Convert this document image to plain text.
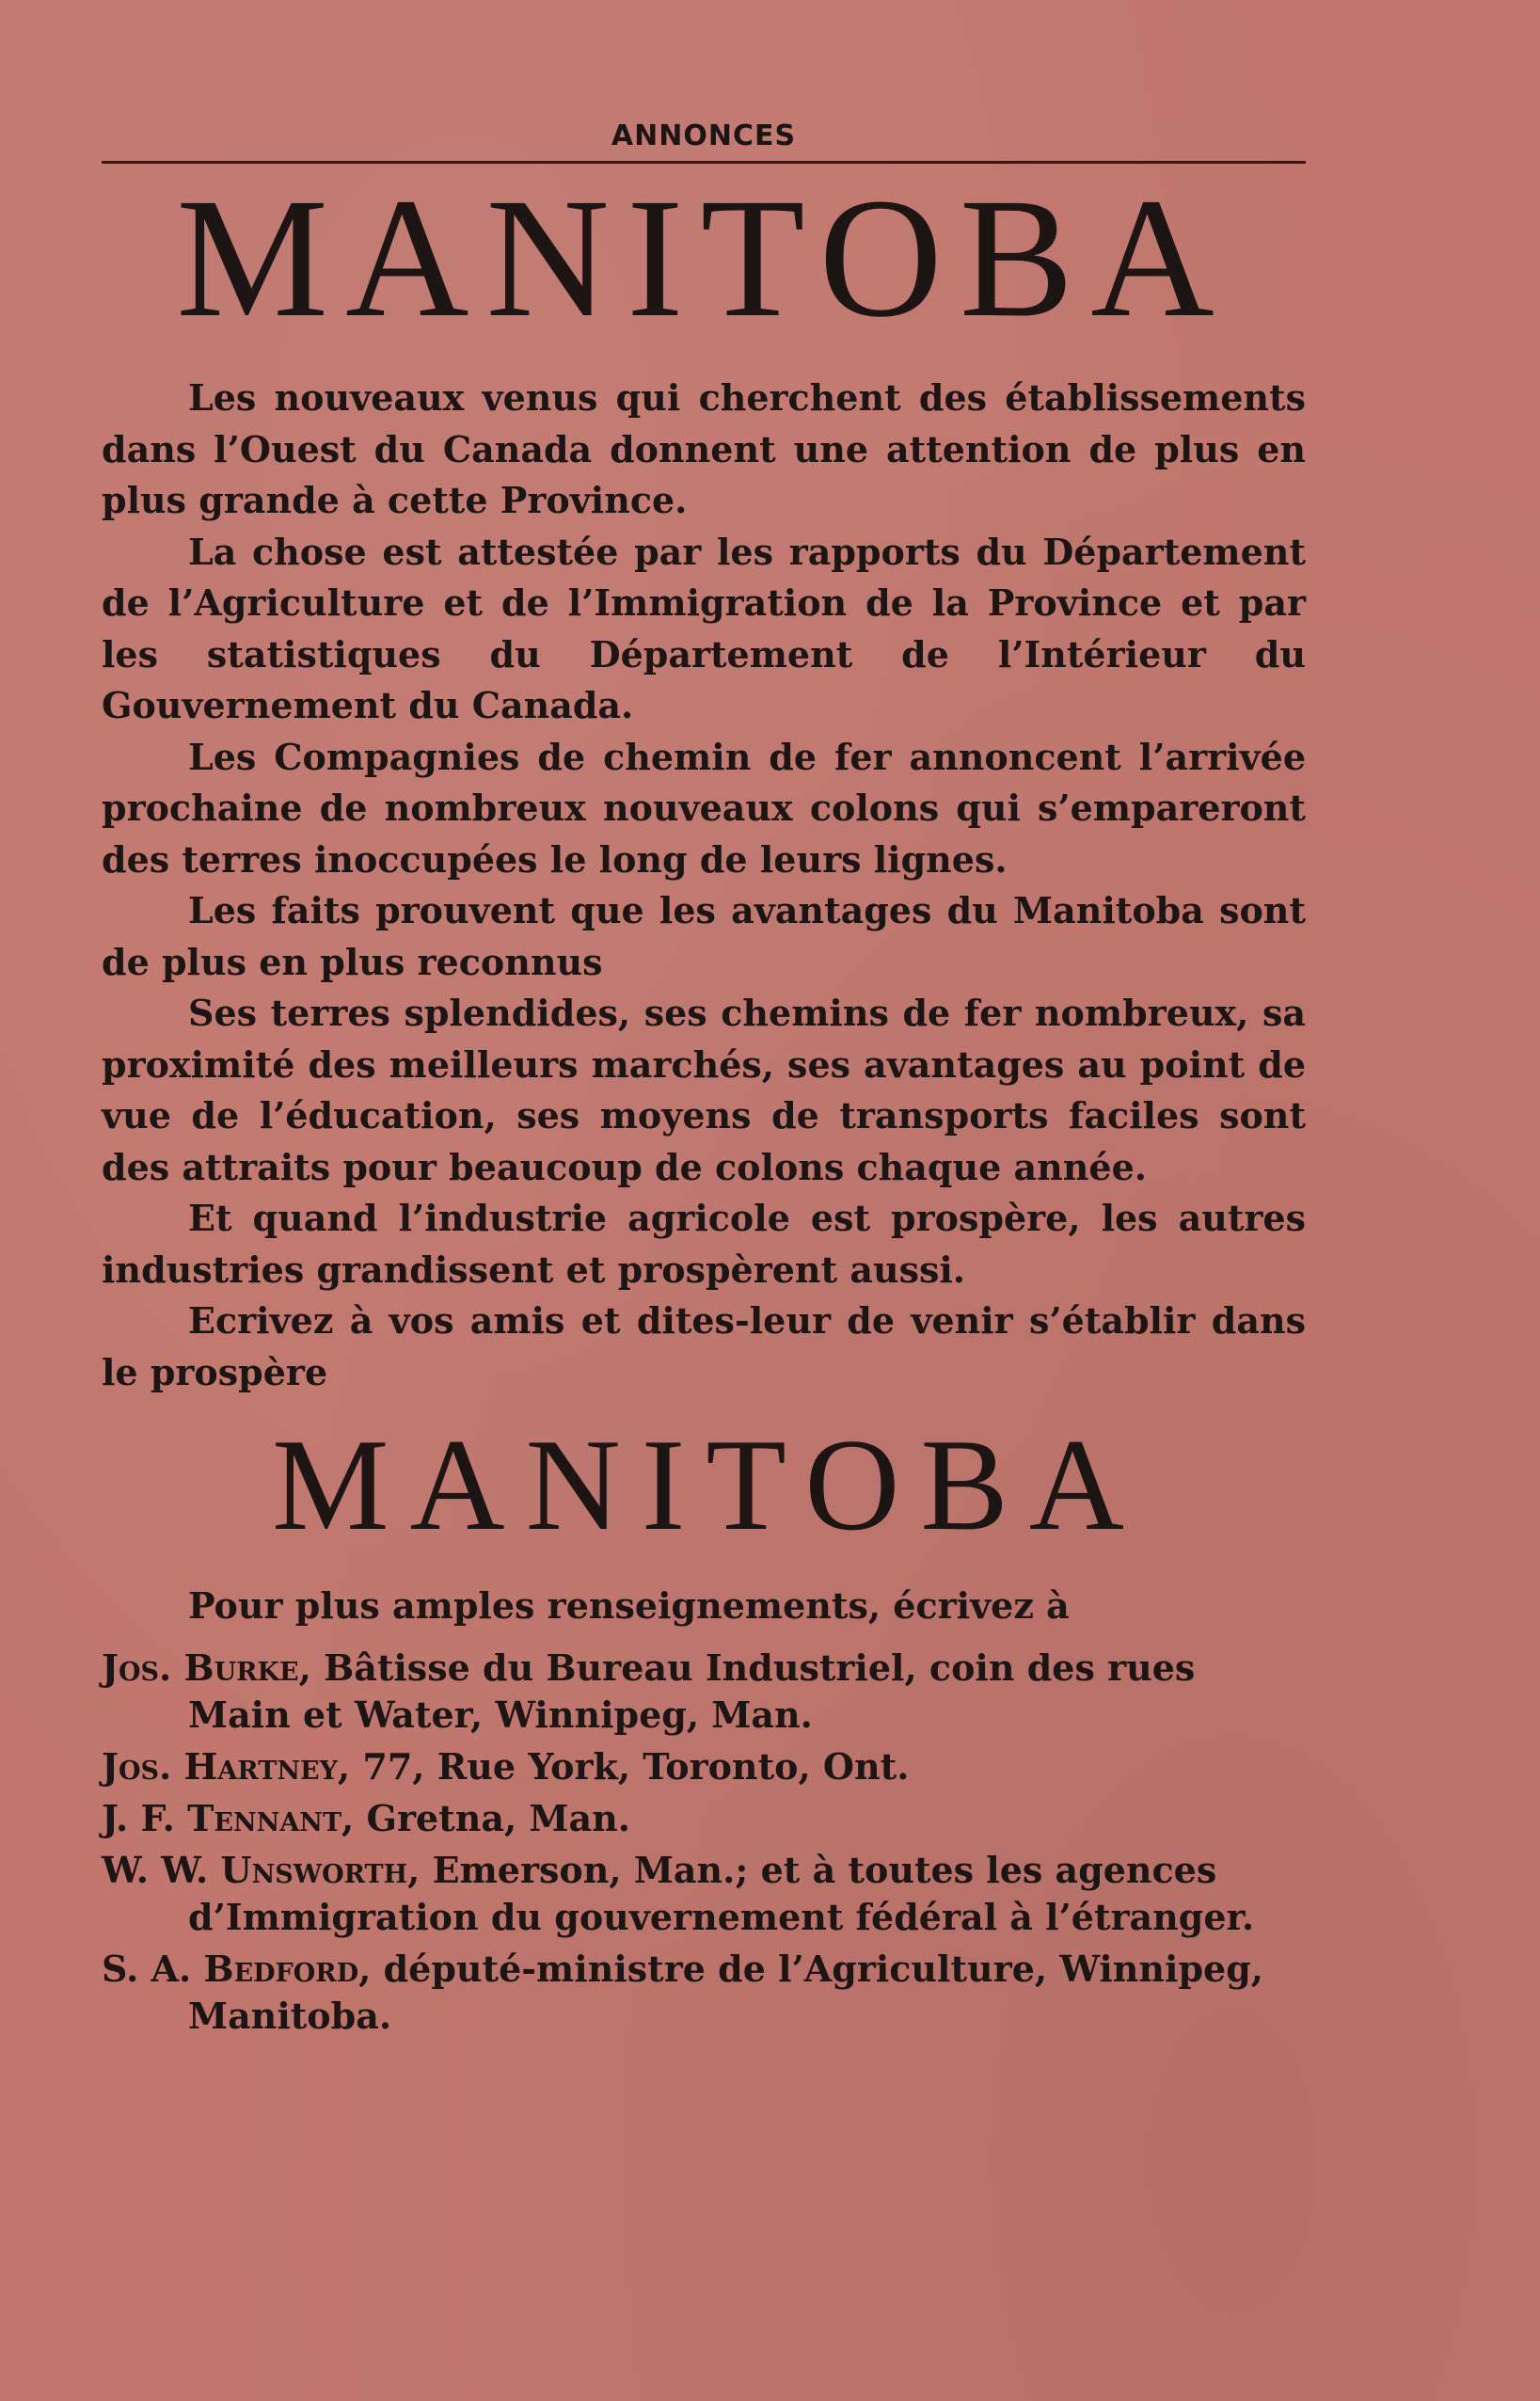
ANNONCES
MANITOBA

Les nouveaux venus qui cherchent des établissements dans l’Ouest du Canada donnent une attention de plus en plus grande à cette Province.

La chose est attestée par les rapports du Département de l’Agriculture et de l’Immigration de la Province et par les statistiques du Département de l’Intérieur du Gouvernement du Canada.

Les Compagnies de chemin de fer annoncent l’arrivée prochaine de nombreux nouveaux colons qui s’empareront des terres inoccupées le long de leurs lignes.

Les faits prouvent que les avantages du Manitoba sont de plus en plus reconnus

Ses terres splendides, ses chemins de fer nombreux, sa proximité des meilleurs marchés, ses avantages au point de vue de l’éducation, ses moyens de transports faciles sont des attraits pour beaucoup de colons chaque année.

Et quand l’industrie agricole est prospère, les autres industries grandissent et prospèrent aussi.

Ecrivez à vos amis et dites-leur de venir s’établir dans le prospère

MANITOBA

Pour plus amples renseignements, écrivez à

Jos. Burke, Bâtisse du Bureau Industriel, coin des rues Main et Water, Winnipeg, Man.
Jos. Hartney, 77, Rue York, Toronto, Ont.
J. F. Tennant, Gretna, Man.
W. W. Unsworth, Emerson, Man.; et à toutes les agences d’Immigration du gouvernement fédéral à l’étranger.
S. A. Bedford, député-ministre de l’Agriculture, Winnipeg, Manitoba.
